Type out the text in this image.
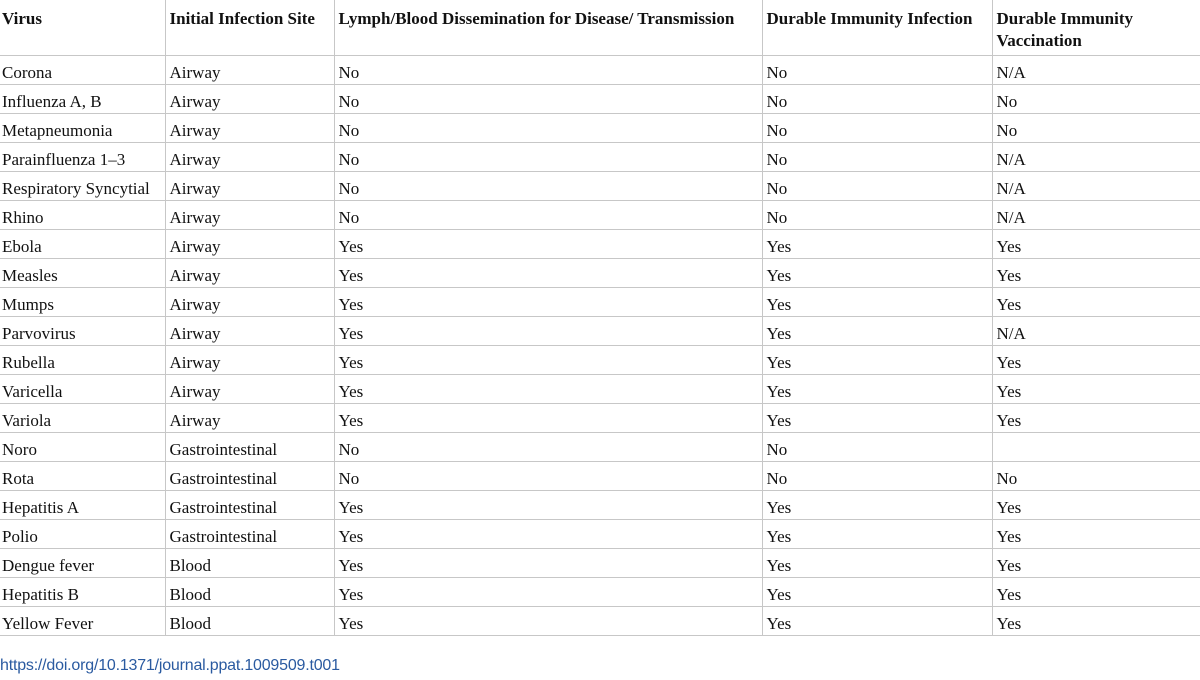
Virus	Initial Infection Site	Lymph/Blood Dissemination for Disease/ Transmission	Durable Immunity Infection	Durable Immunity Vaccination
Corona	Airway	No	No	N/A
Influenza A, B	Airway	No	No	No
Metapneumonia	Airway	No	No	No
Parainfluenza 1–3	Airway	No	No	N/A
Respiratory Syncytial	Airway	No	No	N/A
Rhino	Airway	No	No	N/A
Ebola	Airway	Yes	Yes	Yes
Measles	Airway	Yes	Yes	Yes
Mumps	Airway	Yes	Yes	Yes
Parvovirus	Airway	Yes	Yes	N/A
Rubella	Airway	Yes	Yes	Yes
Varicella	Airway	Yes	Yes	Yes
Variola	Airway	Yes	Yes	Yes
Noro	Gastrointestinal	No	No	
Rota	Gastrointestinal	No	No	No
Hepatitis A	Gastrointestinal	Yes	Yes	Yes
Polio	Gastrointestinal	Yes	Yes	Yes
Dengue fever	Blood	Yes	Yes	Yes
Hepatitis B	Blood	Yes	Yes	Yes
Yellow Fever	Blood	Yes	Yes	Yes
https://doi.org/10.1371/journal.ppat.1009509.t001
